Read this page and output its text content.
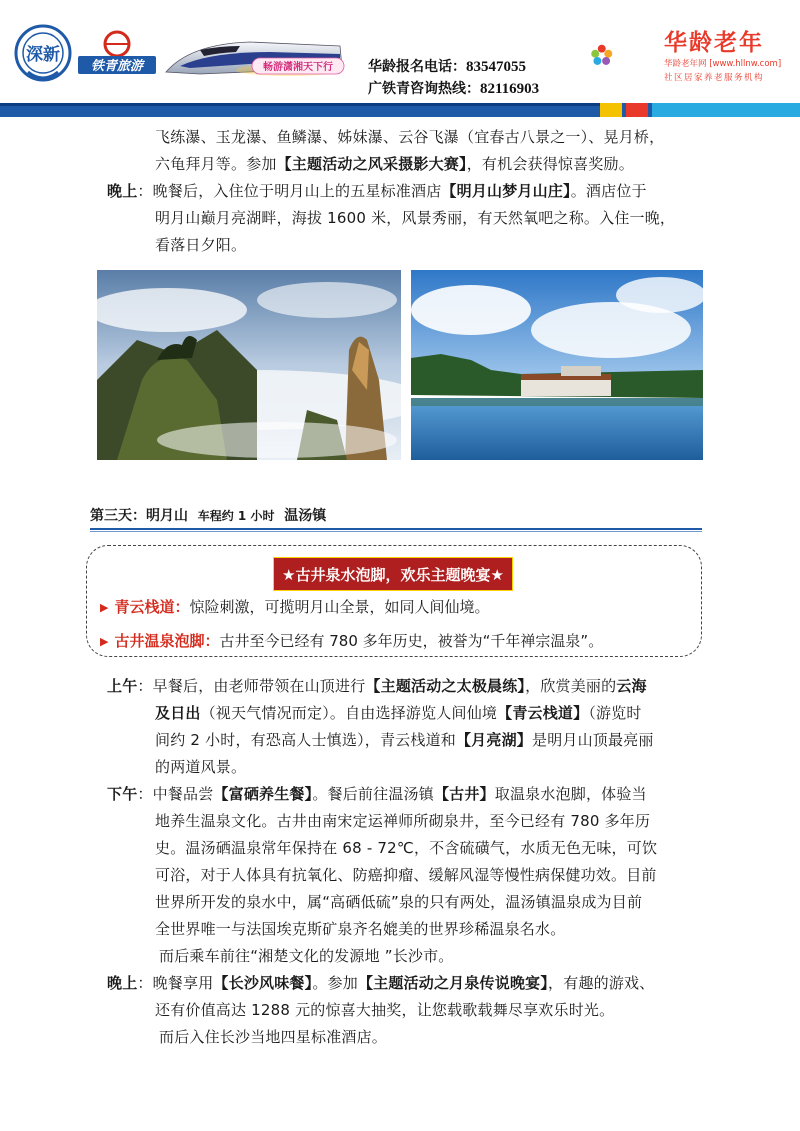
深新
铁青旅游	畅游潇湘天下行	华龄报名电话：83547055
广铁青咨询热线：82116903
华龄老年
华龄老年网 [www.hllnw.com]
社区居家养老服务机构
飞练瀑、玉龙瀑、鱼鳞瀑、姊妹瀑、云谷飞瀑（宜春古八景之一）、晃月桥，
六龟拜月等。参加【主题活动之风采摄影大赛】，有机会获得惊喜奖励。
晚上：晚餐后，入住位于明月山上的五星标准酒店【明月山梦月山庄】。酒店位于
明月山巅月亮湖畔，海拔 1600 米，风景秀丽，有天然氧吧之称。入住一晚，
看落日夕阳。
第三天：明月山 车程约 1 小时 温汤镇
★古井泉水泡脚，欢乐主题晚宴★
▶ 青云栈道：惊险刺激，可揽明月山全景，如同人间仙境。
▶ 古井温泉泡脚：古井至今已经有 780 多年历史，被誉为“千年禅宗温泉”。
上午：早餐后，由老师带领在山顶进行【主题活动之太极晨练】，欣赏美丽的云海
及日出（视天气情况而定）。自由选择游览人间仙境【青云栈道】（游览时
间约 2 小时，有恐高人士慎选），青云栈道和【月亮湖】是明月山顶最亮丽
的两道风景。
下午：中餐品尝【富硒养生餐】。餐后前往温汤镇【古井】取温泉水泡脚，体验当
地养生温泉文化。古井由南宋定运禅师所砌泉井，至今已经有 780 多年历
史。温汤硒温泉常年保持在 68 - 72℃，不含硫磺气，水质无色无味，可饮
可浴，对于人体具有抗氧化、防癌抑瘤、缓解风湿等慢性病保健功效。目前
世界所开发的泉水中，属“高硒低硫”泉的只有两处，温汤镇温泉成为目前
全世界唯一与法国埃克斯矿泉齐名媲美的世界珍稀温泉名水。
而后乘车前往“湘楚文化的发源地 ”长沙市。
晚上：晚餐享用【长沙风味餐】。参加【主题活动之月泉传说晚宴】，有趣的游戏、
还有价值高达 1288 元的惊喜大抽奖，让您载歌载舞尽享欢乐时光。
而后入住长沙当地四星标准酒店。
